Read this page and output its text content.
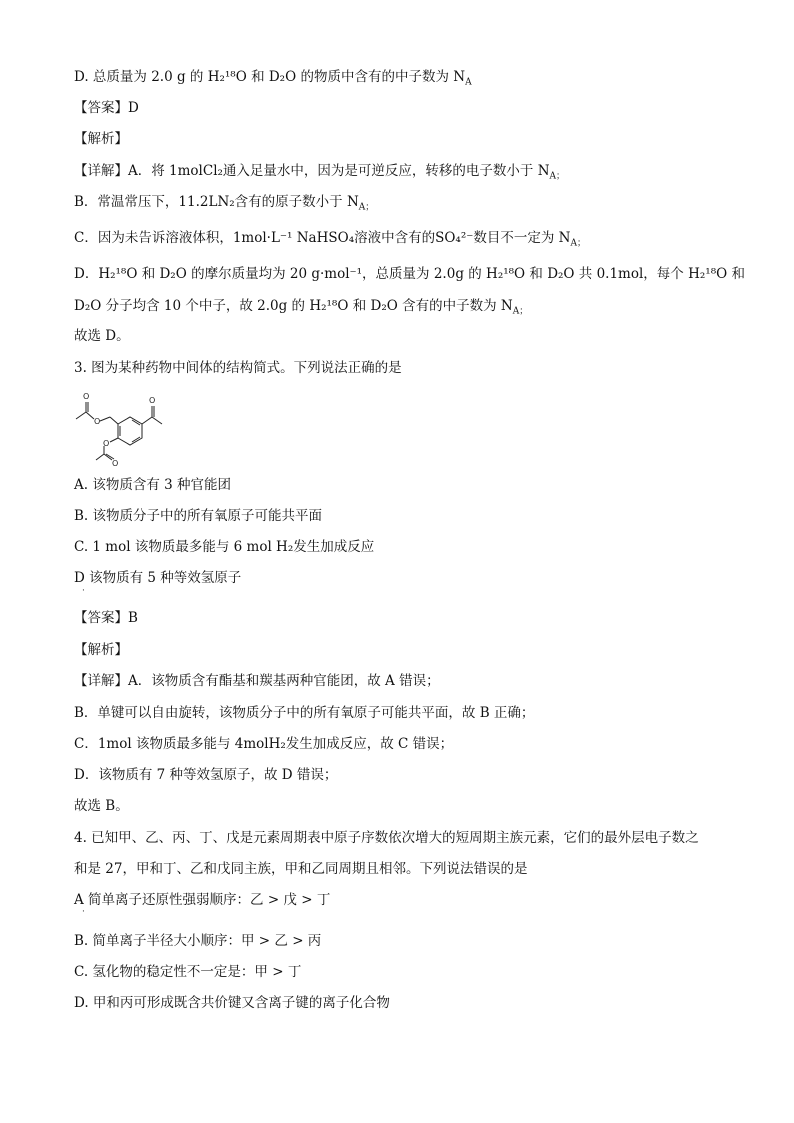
D. 总质量为 2.0 g 的 H₂¹⁸O 和 D₂O 的物质中含有的中子数为 $N_A$
【答案】D
【解析】
【详解】A．将 1molCl₂通入足量水中，因为是可逆反应，转移的电子数小于 $N_{A;}$
B．常温常压下，11.2LN₂含有的原子数小于 $N_{A;}$
C．因为未告诉溶液体积，1mol·L⁻¹ NaHSO₄溶液中含有的SO₄²⁻数目不一定为 $N_{A;}$
D．H₂¹⁸O 和 D₂O 的摩尔质量均为 20 g·mol⁻¹，总质量为 2.0g 的 H₂¹⁸O 和 D₂O 共 0.1mol，每个 H₂¹⁸O 和
D₂O 分子均含 10 个中子，故 2.0g 的 H₂¹⁸O 和 D₂O 含有的中子数为 $N_{A;}$
故选 D。
3. 图为某种药物中间体的结构简式。下列说法正确的是
O	O
O
O
O
A. 该物质含有 3 种官能团
B. 该物质分子中的所有氧原子可能共平面
C. 1 mol 该物质最多能与 6 mol H₂发生加成反应
D 该物质有 5 种等效氢原子
·
【答案】B
【解析】
【详解】A．该物质含有酯基和羰基两种官能团，故 A 错误；
B．单键可以自由旋转，该物质分子中的所有氧原子可能共平面，故 B 正确；
C．1mol 该物质最多能与 4molH₂发生加成反应，故 C 错误；
D．该物质有 7 种等效氢原子，故 D 错误；
故选 B。
4. 已知甲、乙、丙、丁、戊是元素周期表中原子序数依次增大的短周期主族元素，它们的最外层电子数之
和是 27，甲和丁、乙和戊同主族，甲和乙同周期且相邻。下列说法错误的是
A 简单离子还原性强弱顺序：乙 > 戊 > 丁
·
B. 简单离子半径大小顺序：甲 > 乙 > 丙
C. 氢化物的稳定性不一定是：甲 > 丁
D. 甲和丙可形成既含共价键又含离子键的离子化合物
